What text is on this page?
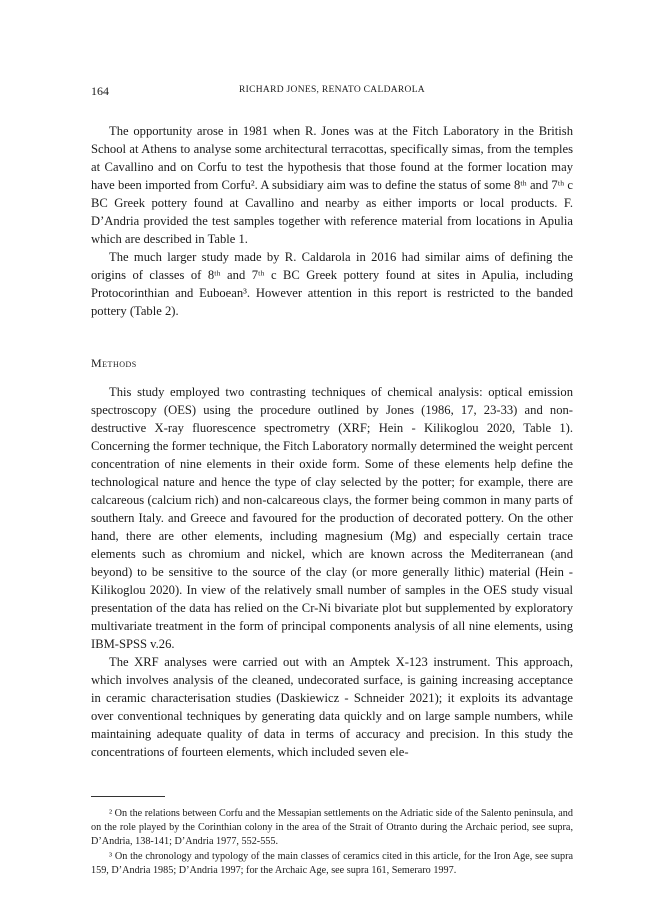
164	RICHARD JONES, RENATO CALDAROLA

The opportunity arose in 1981 when R. Jones was at the Fitch Laboratory in the British School at Athens to analyse some architectural terracottas, specifically simas, from the temples at Cavallino and on Corfu to test the hypothesis that those found at the former location may have been imported from Corfu². A subsidiary aim was to define the status of some 8ᵗʰ and 7ᵗʰ c BC Greek pottery found at Cavallino and nearby as either imports or local products. F. D’Andria provided the test samples together with reference material from locations in Apulia which are described in Table 1.

The much larger study made by R. Caldarola in 2016 had similar aims of defining the origins of classes of 8ᵗʰ and 7ᵗʰ c BC Greek pottery found at sites in Apulia, including Protocorinthian and Euboean³. However attention in this report is restricted to the banded pottery (Table 2).

Methods

This study employed two contrasting techniques of chemical analysis: optical emission spectroscopy (OES) using the procedure outlined by Jones (1986, 17, 23-33) and non-destructive X-ray fluorescence spectrometry (XRF; Hein - Kilikoglou 2020, Table 1). Concerning the former technique, the Fitch Laboratory normally determined the weight percent concentration of nine elements in their oxide form. Some of these elements help define the technological nature and hence the type of clay selected by the potter; for example, there are calcareous (calcium rich) and non-calcareous clays, the former being common in many parts of southern Italy. and Greece and favoured for the production of decorated pottery. On the other hand, there are other elements, including magnesium (Mg) and especially certain trace elements such as chromium and nickel, which are known across the Mediterranean (and beyond) to be sensitive to the source of the clay (or more generally lithic) material (Hein - Kilikoglou 2020). In view of the relatively small number of samples in the OES study visual presentation of the data has relied on the Cr-Ni bivariate plot but supplemented by exploratory multivariate treatment in the form of principal components analysis of all nine elements, using IBM-SPSS v.26.

The XRF analyses were carried out with an Amptek X-123 instrument. This approach, which involves analysis of the cleaned, undecorated surface, is gaining increasing acceptance in ceramic characterisation studies (Daskiewicz - Schneider 2021); it exploits its advantage over conventional techniques by generating data quickly and on large sample numbers, while maintaining adequate quality of data in terms of accuracy and precision. In this study the concentrations of fourteen elements, which included seven ele-

² On the relations between Corfu and the Messapian settlements on the Adriatic side of the Salento peninsula, and on the role played by the Corinthian colony in the area of the Strait of Otranto during the Archaic period, see supra, D’Andria, 138-141; D’Andria 1977, 552-555.

³ On the chronology and typology of the main classes of ceramics cited in this article, for the Iron Age, see supra 159, D’Andria 1985; D’Andria 1997; for the Archaic Age, see supra 161, Semeraro 1997.
